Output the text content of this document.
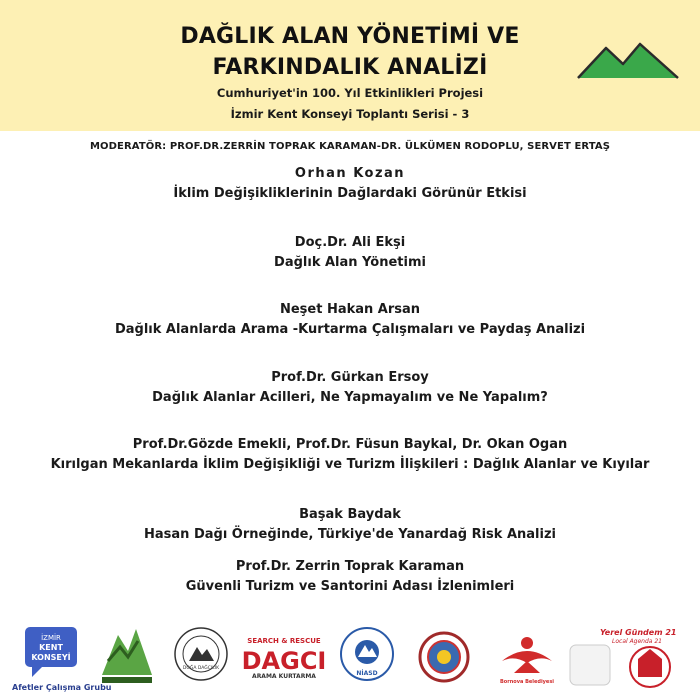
DAĞLIK ALAN YÖNETİMİ VE
FARKINDALIK ANALİZİ
Cumhuriyet'in 100. Yıl Etkinlikleri Projesi
İzmir Kent Konseyi Toplantı Serisi - 3
MODERATÖR: PROF.DR.ZERRİN TOPRAK KARAMAN-DR. ÜLKÜMEN RODOPLU, SERVET ERTAŞ
Orhan Kozan
İklim Değişikliklerinin Dağlardaki Görünür Etkisi
Doç.Dr. Ali Ekşi
Dağlık Alan Yönetimi
Neşet Hakan Arsan
Dağlık Alanlarda Arama -Kurtarma Çalışmaları ve Paydaş Analizi
Prof.Dr. Gürkan Ersoy
Dağlık Alanlar Acilleri, Ne Yapmayalım ve Ne Yapalım?
Prof.Dr.Gözde Emekli, Prof.Dr. Füsun Baykal, Dr. Okan Ogan
Kırılgan Mekanlarda İklim Değişikliği ve Turizm İlişkileri : Dağlık Alanlar ve Kıyılar
Başak Baydak
Hasan Dağı Örneğinde, Türkiye'de Yanardağ Risk Analizi
Prof.Dr. Zerrin Toprak Karaman
Güvenli Turizm ve Santorini Adası İzlenimleri
İZMİR
KENT
KONSEYİ
DOĞA DAĞCILIK
SEARCH & RESCUE
DAGCI
ARAMA KURTARMA	NİASD
Bornova Belediyesi
Yerel Gündem 21
Local Agenda 21
Afetler Çalışma Grubu
